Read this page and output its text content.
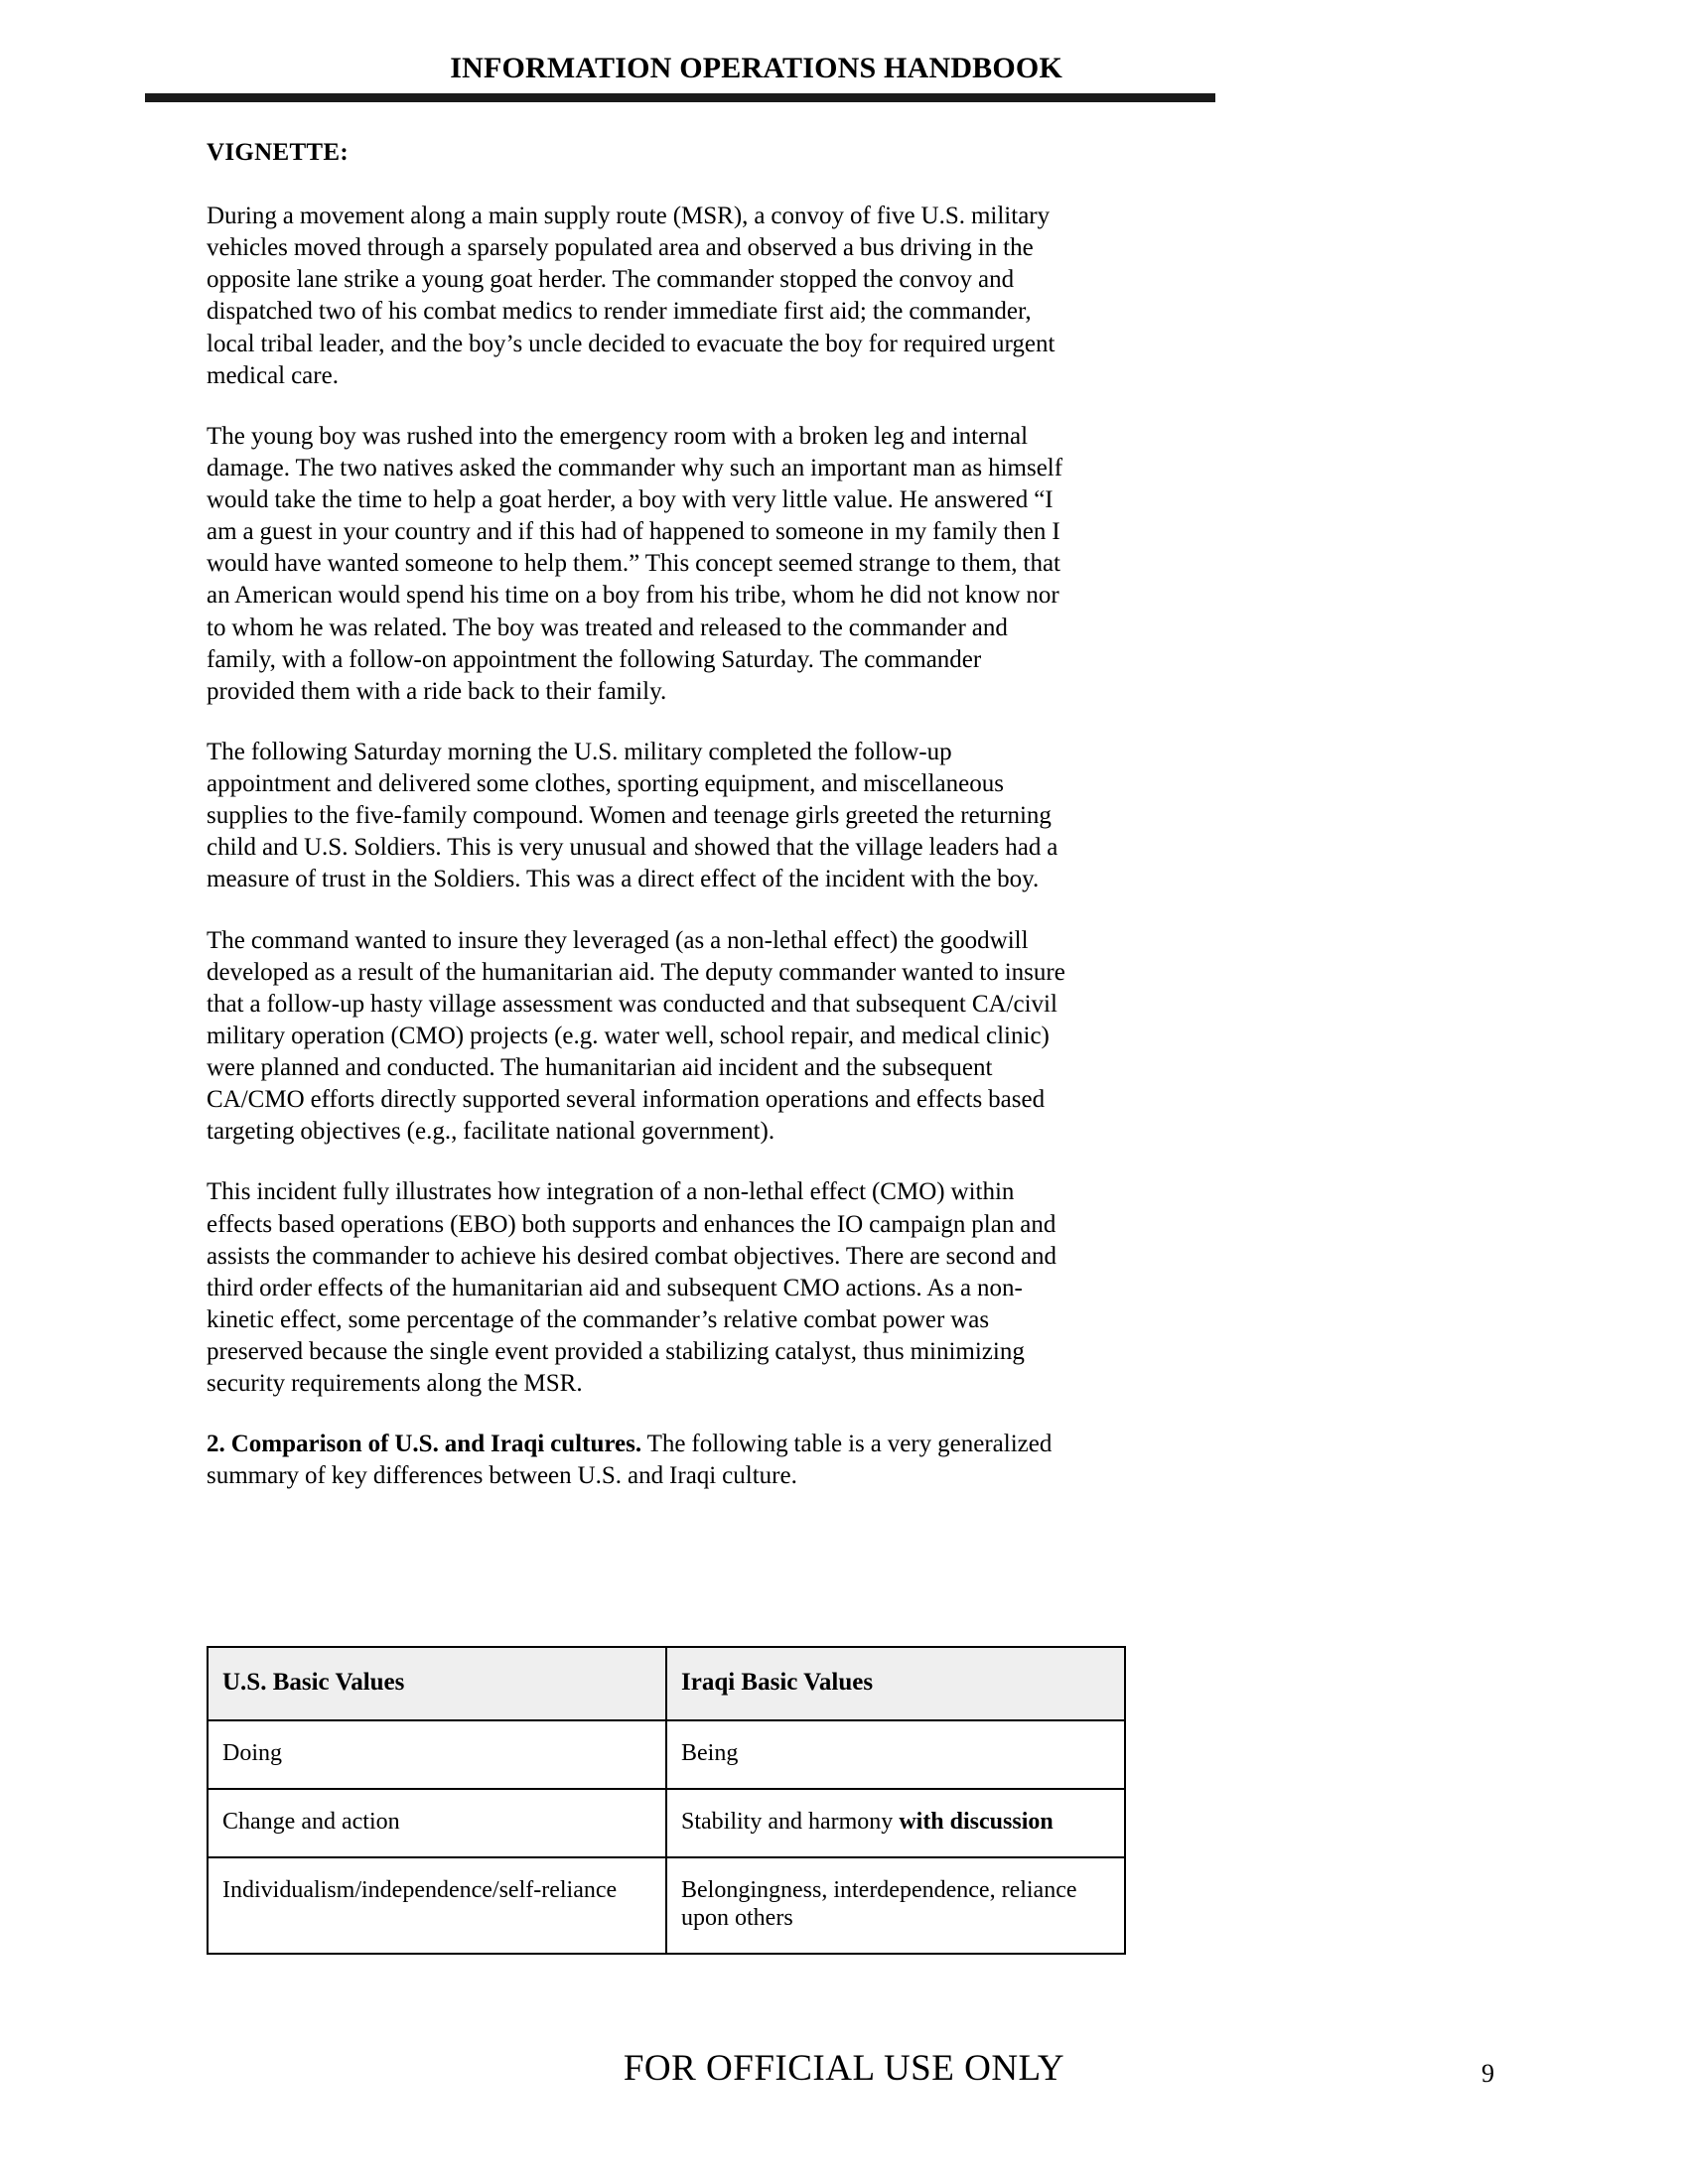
INFORMATION OPERATIONS HANDBOOK
VIGNETTE:

During a movement along a main supply route (MSR), a convoy of five U.S. military vehicles moved through a sparsely populated area and observed a bus driving in the opposite lane strike a young goat herder. The commander stopped the convoy and dispatched two of his combat medics to render immediate first aid; the commander, local tribal leader, and the boy’s uncle decided to evacuate the boy for required urgent medical care.

The young boy was rushed into the emergency room with a broken leg and internal damage. The two natives asked the commander why such an important man as himself would take the time to help a goat herder, a boy with very little value. He answered “I am a guest in your country and if this had of happened to someone in my family then I would have wanted someone to help them.” This concept seemed strange to them, that an American would spend his time on a boy from his tribe, whom he did not know nor to whom he was related. The boy was treated and released to the commander and family, with a follow-on appointment the following Saturday. The commander provided them with a ride back to their family.

The following Saturday morning the U.S. military completed the follow-up appointment and delivered some clothes, sporting equipment, and miscellaneous supplies to the five-family compound. Women and teenage girls greeted the returning child and U.S. Soldiers. This is very unusual and showed that the village leaders had a measure of trust in the Soldiers. This was a direct effect of the incident with the boy.

The command wanted to insure they leveraged (as a non-lethal effect) the goodwill developed as a result of the humanitarian aid. The deputy commander wanted to insure that a follow-up hasty village assessment was conducted and that subsequent CA/civil military operation (CMO) projects (e.g. water well, school repair, and medical clinic) were planned and conducted. The humanitarian aid incident and the subsequent CA/CMO efforts directly supported several information operations and effects based targeting objectives (e.g., facilitate national government).

This incident fully illustrates how integration of a non-lethal effect (CMO) within effects based operations (EBO) both supports and enhances the IO campaign plan and assists the commander to achieve his desired combat objectives. There are second and third order effects of the humanitarian aid and subsequent CMO actions. As a non-kinetic effect, some percentage of the commander’s relative combat power was preserved because the single event provided a stabilizing catalyst, thus minimizing security requirements along the MSR.

2. Comparison of U.S. and Iraqi cultures. The following table is a very generalized summary of key differences between U.S. and Iraqi culture.

U.S. Basic Values	Iraqi Basic Values
Doing	Being
Change and action	Stability and harmony with discussion
Individualism/independence/self-reliance	Belongingness, interdependence, reliance upon others
FOR OFFICIAL USE ONLY	9
